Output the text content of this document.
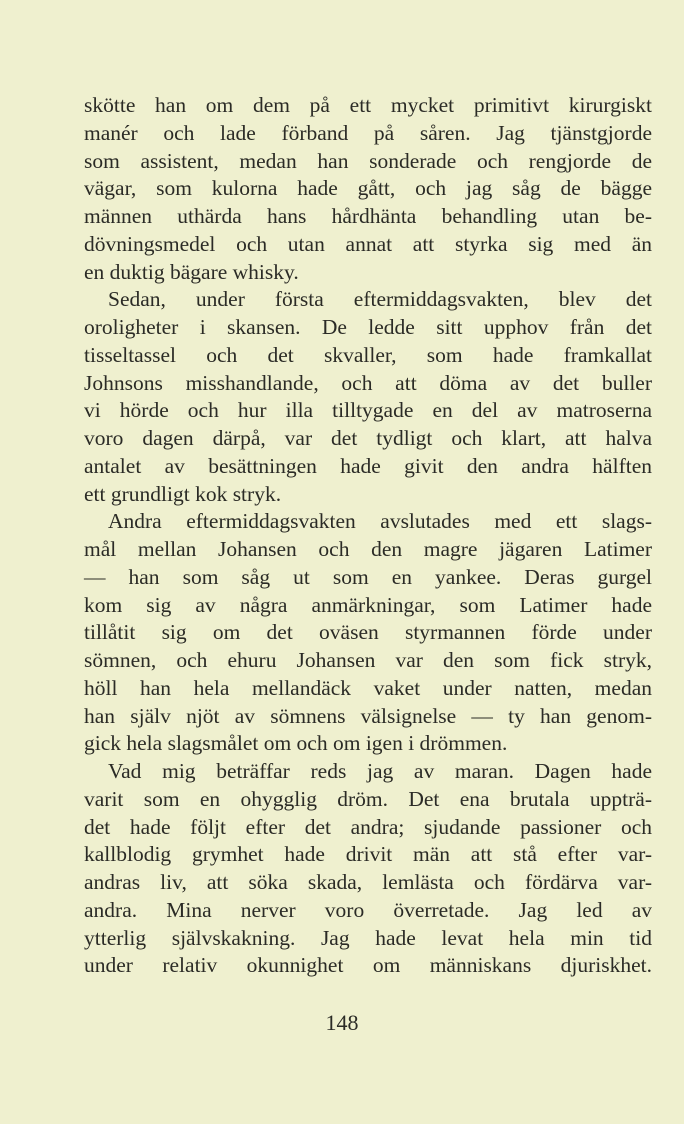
skötte han om dem på ett mycket primitivt kirurgiskt
manér och lade förband på såren. Jag tjänstgjorde
som assistent, medan han sonderade och rengjorde de
vägar, som kulorna hade gått, och jag såg de bägge
männen uthärda hans hårdhänta behandling utan be-
dövningsmedel och utan annat att styrka sig med än
en duktig bägare whisky.
Sedan, under första eftermiddagsvakten, blev det
oroligheter i skansen. De ledde sitt upphov från det
tisseltassel och det skvaller, som hade framkallat
Johnsons misshandlande, och att döma av det buller
vi hörde och hur illa tilltygade en del av matroserna
voro dagen därpå, var det tydligt och klart, att halva
antalet av besättningen hade givit den andra hälften
ett grundligt kok stryk.
Andra eftermiddagsvakten avslutades med ett slags-
mål mellan Johansen och den magre jägaren Latimer
— han som såg ut som en yankee. Deras gurgel
kom sig av några anmärkningar, som Latimer hade
tillåtit sig om det oväsen styrmannen förde under
sömnen, och ehuru Johansen var den som fick stryk,
höll han hela mellandäck vaket under natten, medan
han själv njöt av sömnens välsignelse — ty han genom-
gick hela slagsmålet om och om igen i drömmen.
Vad mig beträffar reds jag av maran. Dagen hade
varit som en ohygglig dröm. Det ena brutala uppträ-
det hade följt efter det andra; sjudande passioner och
kallblodig grymhet hade drivit män att stå efter var-
andras liv, att söka skada, lemlästa och fördärva var-
andra. Mina nerver voro överretade. Jag led av
ytterlig självskakning. Jag hade levat hela min tid
under relativ okunnighet om människans djuriskhet.
148
